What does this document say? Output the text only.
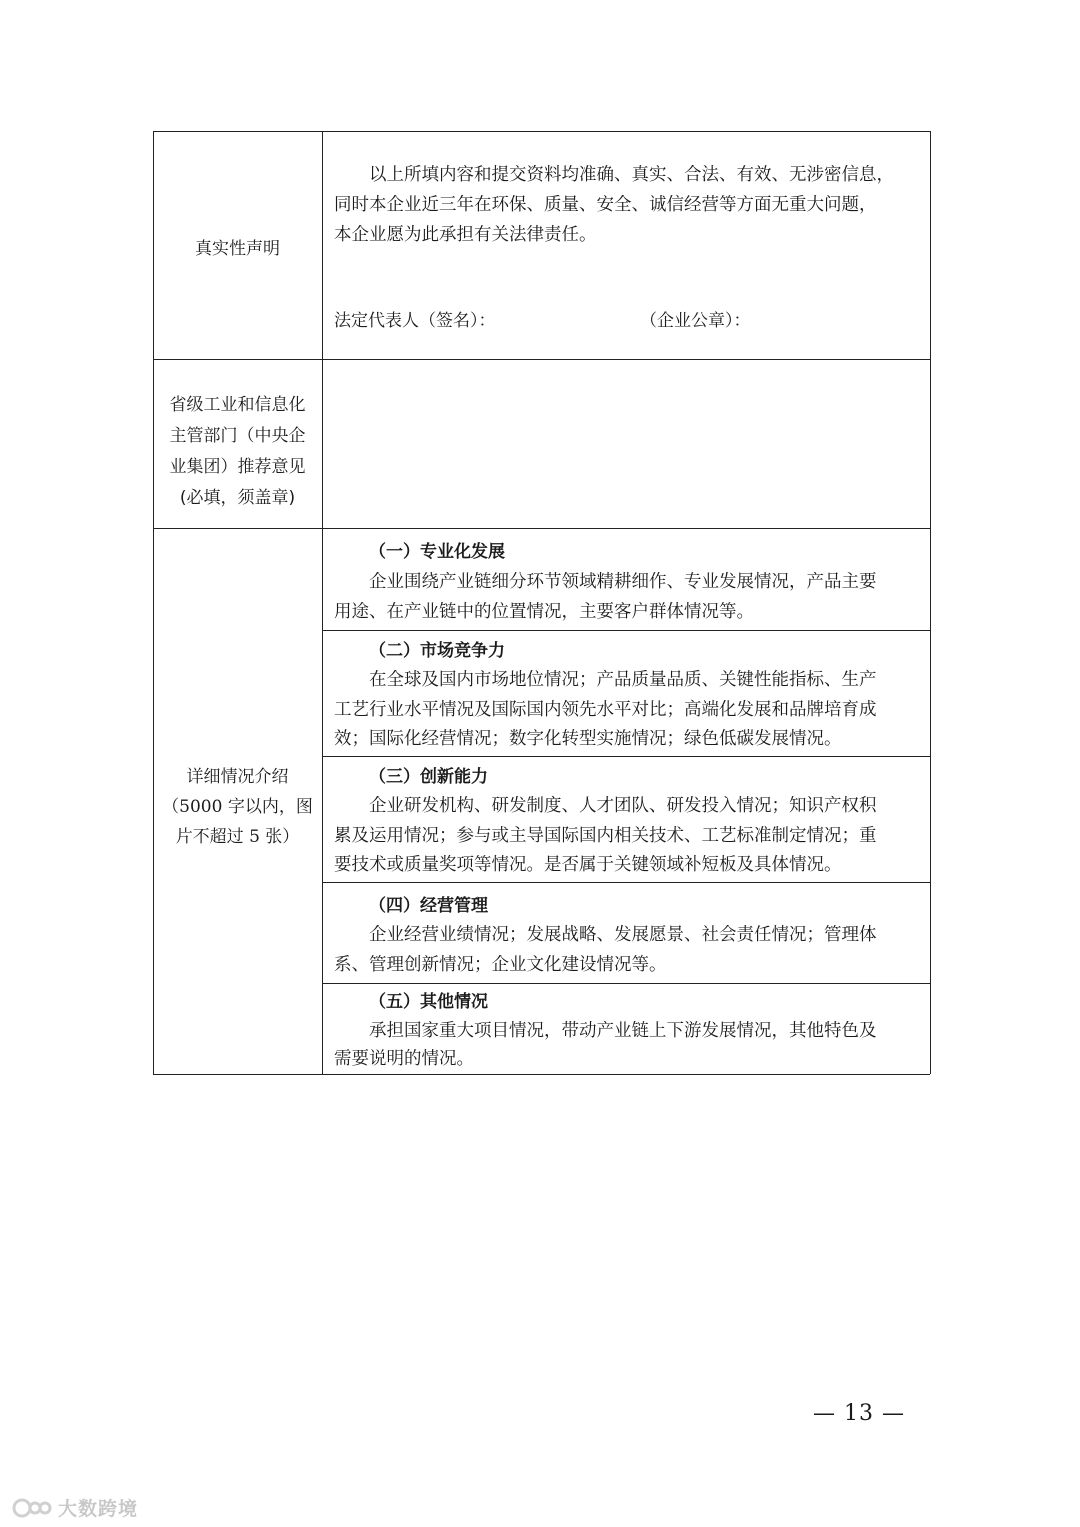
真实性声明
以上所填内容和提交资料均准确、真实、合法、有效、无涉密信息，
同时本企业近三年在环保、质量、安全、诚信经营等方面无重大问题，
本企业愿为此承担有关法律责任。
法定代表人（签名）：	（企业公章）：
省级工业和信息化
主管部门（中央企
业集团）推荐意见
(必填，须盖章)
详细情况介绍
（5000 字以内，图
片不超过 5 张）
（一）专业化发展
企业围绕产业链细分环节领域精耕细作、专业发展情况，产品主要
用途、在产业链中的位置情况，主要客户群体情况等。
（二）市场竞争力
在全球及国内市场地位情况；产品质量品质、关键性能指标、生产
工艺行业水平情况及国际国内领先水平对比；高端化发展和品牌培育成
效；国际化经营情况；数字化转型实施情况；绿色低碳发展情况。
（三）创新能力
企业研发机构、研发制度、人才团队、研发投入情况；知识产权积
累及运用情况；参与或主导国际国内相关技术、工艺标准制定情况；重
要技术或质量奖项等情况。是否属于关键领域补短板及具体情况。
（四）经营管理
企业经营业绩情况；发展战略、发展愿景、社会责任情况；管理体
系、管理创新情况；企业文化建设情况等。
（五）其他情况
承担国家重大项目情况，带动产业链上下游发展情况，其他特色及
需要说明的情况。
— 13 —
大数跨境
